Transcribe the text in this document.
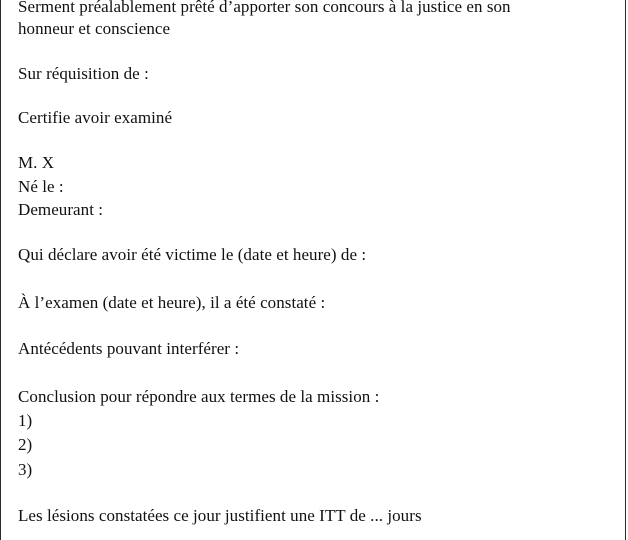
Serment préalablement prêté d’apporter son concours à la justice en son
honneur et conscience
Sur réquisition de :
Certifie avoir examiné
M. X
Né le :
Demeurant :
Qui déclare avoir été victime le (date et heure) de :
À l’examen (date et heure), il a été constaté :
Antécédents pouvant interférer :
Conclusion pour répondre aux termes de la mission :
1)
2)
3)
Les lésions constatées ce jour justifient une ITT de ... jours
